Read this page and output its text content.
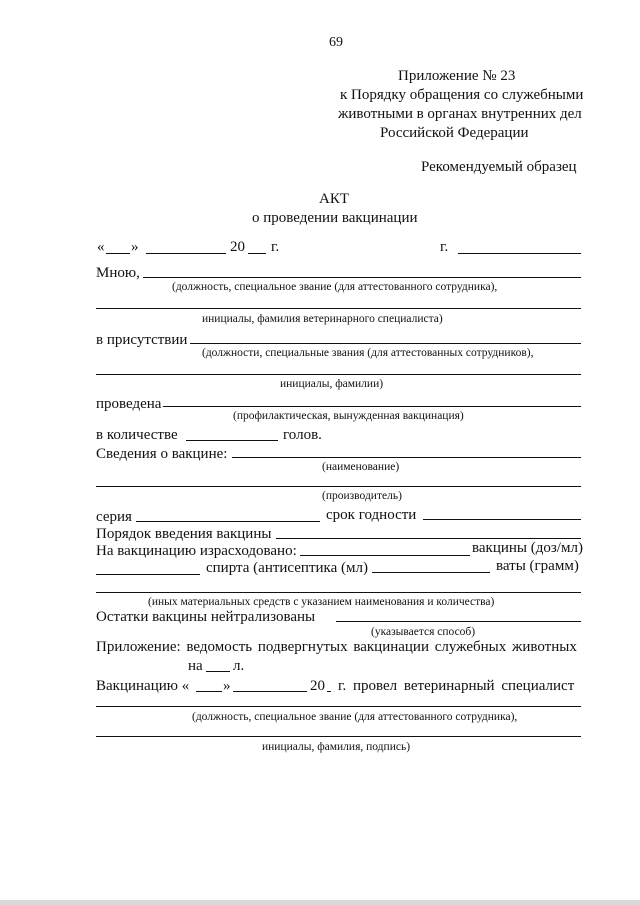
69
Приложение № 23
к Порядку обращения со служебными
животными в органах внутренних дел
Российской Федерации
Рекомендуемый образец
АКТ
о проведении вакцинации
« »	20 г.	г.
Мною,
(должность, специальное звание (для аттестованного сотрудника),
инициалы, фамилия ветеринарного специалиста)
в присутствии
(должности, специальные звания (для аттестованных сотрудников),
инициалы, фамилии)
проведена
(профилактическая, вынужденная вакцинация)
в количестве	голов.
Сведения о вакцине:
(наименование)
(производитель)
серия	срок годности
Порядок введения вакцины
На вакцинацию израсходовано:	вакцины (доз/мл)
спирта (антисептика (мл)	ваты (грамм)
(иных материальных средств с указанием наименования и количества)
Остатки вакцины нейтрализованы
(указывается способ)
Приложение: ведомость подвергнутых вакцинации служебных животных
на л.
Вакцинацию « »	20 г. провел ветеринарный специалист
(должность, специальное звание (для аттестованного сотрудника),
инициалы, фамилия, подпись)
